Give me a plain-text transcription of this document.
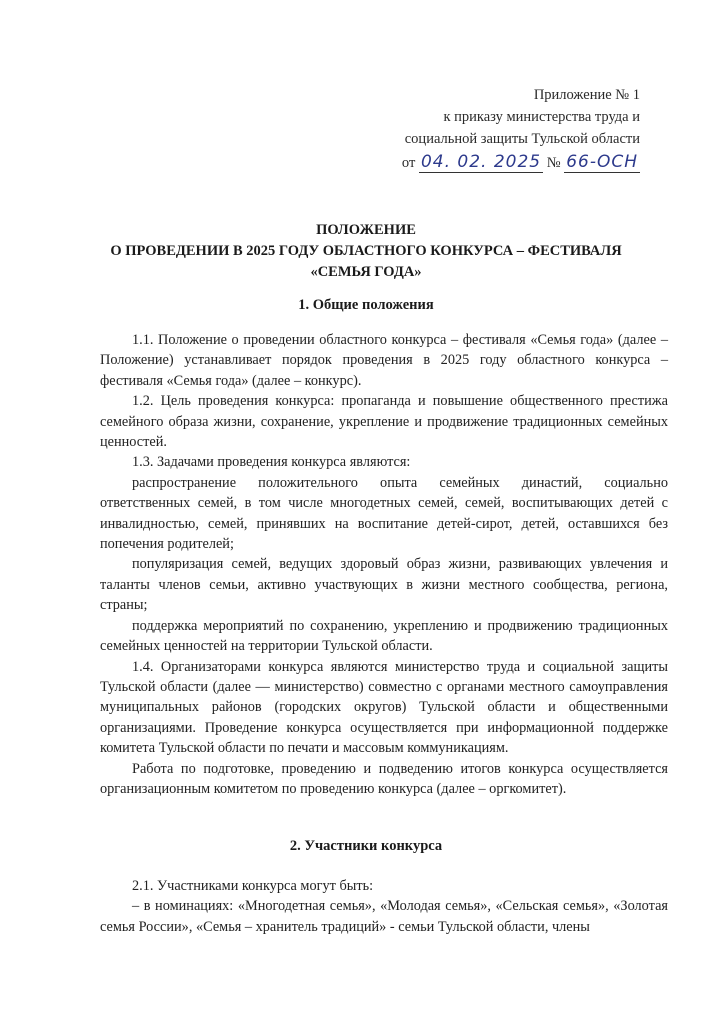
Приложение № 1
к приказу министерства труда и
социальной защиты Тульской области
от 04. 02. 2025 № 66-ОСН
ПОЛОЖЕНИЕ
О ПРОВЕДЕНИИ В 2025 ГОДУ ОБЛАСТНОГО КОНКУРСА – ФЕСТИВАЛЯ
«СЕМЬЯ ГОДА»
1. Общие положения

1.1. Положение о проведении областного конкурса – фестиваля «Семья года» (далее – Положение) устанавливает порядок проведения в 2025 году областного конкурса – фестиваля «Семья года» (далее – конкурс).

1.2. Цель проведения конкурса: пропаганда и повышение общественного престижа семейного образа жизни, сохранение, укрепление и продвижение традиционных семейных ценностей.

1.3. Задачами проведения конкурса являются:

распространение положительного опыта семейных династий, социально ответственных семей, в том числе многодетных семей, семей, воспитывающих детей с инвалидностью, семей, принявших на воспитание детей-сирот, детей, оставшихся без попечения родителей;

популяризация семей, ведущих здоровый образ жизни, развивающих увлечения и таланты членов семьи, активно участвующих в жизни местного сообщества, региона, страны;

поддержка мероприятий по сохранению, укреплению и продвижению традиционных семейных ценностей на территории Тульской области.

1.4. Организаторами конкурса являются министерство труда и социальной защиты Тульской области (далее — министерство) совместно с органами местного самоуправления муниципальных районов (городских округов) Тульской области и общественными организациями. Проведение конкурса осуществляется при информационной поддержке комитета Тульской области по печати и массовым коммуникациям.

Работа по подготовке, проведению и подведению итогов конкурса осуществляется организационным комитетом по проведению конкурса (далее – оргкомитет).

2. Участники конкурса

2.1. Участниками конкурса могут быть:

– в номинациях: «Многодетная семья», «Молодая семья», «Сельская семья», «Золотая семья России», «Семья – хранитель традиций» - семьи Тульской области, члены
